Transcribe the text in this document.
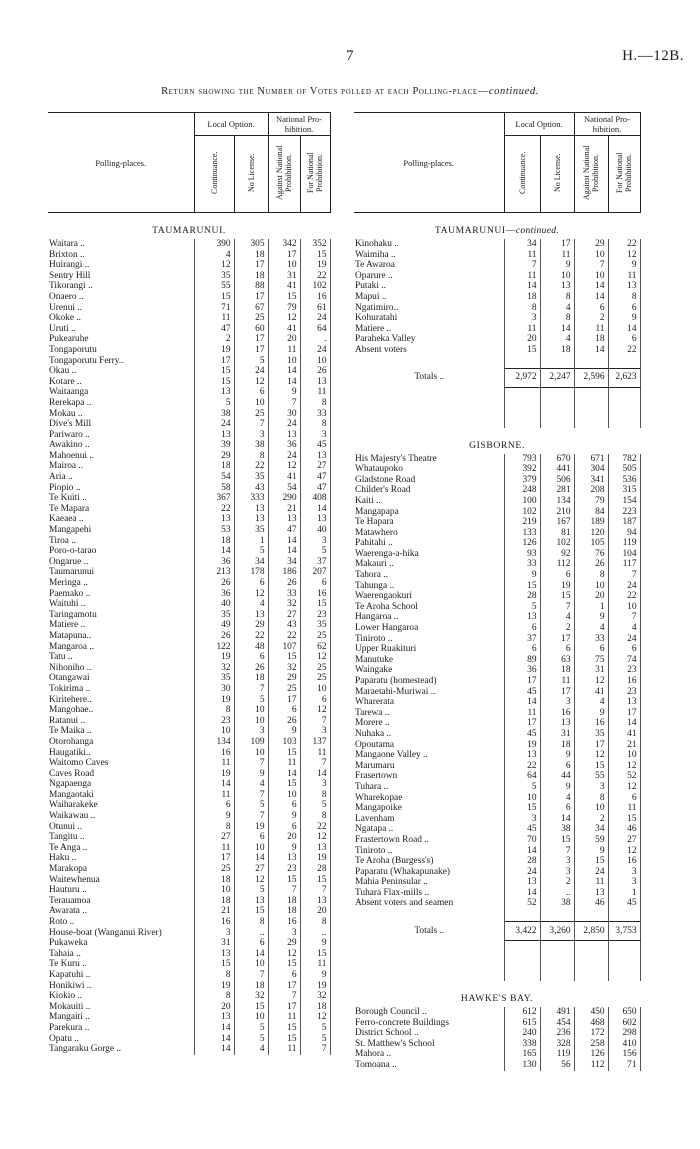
7	H.—12B.
Return showing the Number of Votes polled at each Polling-place—continued.
Polling-places.	Local Option.		National Pro-hibition.	
	Continuance.	No License.	Against National Prohibition.	For National Prohibition.
TAUMARUNUI.				
Waitara ..	390	305	342	352
Brixton ..	4	18	17	15
Huirangi ..	12	17	10	19
Sentry Hill	35	18	31	22
Tikorangi ..	55	88	41	102
Onaero ..	15	17	15	16
Urenui ..	71	67	79	61
Okoke ..	11	25	12	24
Uruti ..	47	60	41	64
Pukearuhe	2	17	20	.
Tongaporutu	19	17	11	24
Tongaporutu Ferry..	17	5	10	10
Okau ..	15	24	14	26
Kotare ..	15	12	14	13
Waitaanga	13	6	9	11
Rerekapa ..	5	10	7	8
Mokau ..	38	25	30	33
Dive's Mill	24	7	24	8
Pariwaro ..	13	3	13	3
Awakino ..	39	38	36	45
Mahoenui ..	29	8	24	13
Mairoa ..	18	22	12	27
Aria ..	54	35	41	47
Piopio ..	58	43	54	47
Te Kuiti ..	367	333	290	408
Te Mapara	22	13	21	14
Kaeaea ..	13	13	13	13
Mangapehi	53	35	47	40
Tiroa ..	18	1	14	3
Poro-o-tarao	14	5	14	5
Ongarue ..	36	34	34	37
Taumarunui	213	178	186	207
Meringa ..	26	6	26	6
Paemako ..	36	12	33	16
Waituhi ..	40	4	32	15
Taringamotu	35	13	27	23
Matiere ..	49	29	43	35
Matapuna..	26	22	22	25
Mangaroa ..	122	48	107	62
Tatu ..	19	6	15	12
Nihoniho ..	32	26	32	25
Otangawai	35	18	29	25
Tokirima ..	30	7	25	10
Kiritehere..	19	5	17	6
Mangohae..	8	10	6	12
Ratanui ..	23	10	26	7
Te Maika ..	10	3	9	3
Otorohanga	134	109	103	137
Haugatiki..	16	10	15	11
Waitomo Caves	11	7	11	7
Caves Road	19	9	14	14
Ngapaenga	14	4	15	3
Mangaotaki	11	7	10	8
Waiharakeke	6	5	6	5
Waikawau ..	9	7	9	8
Otunui ..	8	19	6	22
Tangitu ..	27	6	20	12
Te Anga ..	11	10	9	13
Haku ..	17	14	13	19
Marakopa	25	27	23	28
Waitewhenua	18	12	15	15
Hauturu ..	10	5	7	7
Terauamoa	18	13	18	13
Awarata ..	21	15	18	20
Roto ..	16	8	16	8
House-boat (Wanganui River)	3	..	3	..
Pukaweka	31	6	29	9
Tahaia ..	13	14	12	15
Te Kuru ..	15	10	15	11
Kapatuhi ..	8	7	6	9
Honikiwi ..	19	18	17	19
Kiokio ..	8	32	7	32
Mokauiti ..	20	15	17	18
Mangaiti ..	13	10	11	12
Parekura ..	14	5	15	5
Opatu ..	14	5	15	5
Tangaraku Gorge ..	14	4	11	7
Polling-places.	Local Option.		National Pro-hibition.	
	Continuance.	No License.	Against National Prohibition.	For National Prohibition.
TAUMARUNUI—continued.				
Kinohaku ..	34	17	29	22
Waimiha ..	11	11	10	12
Te Awaroa	7	9	7	9
Oparure ..	11	10	10	11
Putaki ..	14	13	14	13
Mapui ..	18	8	14	8
Ngatimiro..	8	4	6	6
Kohuratahi	3	8	2	9
Matiere ..	11	14	11	14
Paraheka Valley	20	4	18	6
Absent voters	15	18	14	22

Totals ..	2,972	2,247	2,596	2,623

GISBORNE.				
His Majesty's Theatre	793	670	671	782
Whataupoko	392	441	304	505
Gladstone Road	379	506	341	536
Childer's Road	248	281	208	315
Kaiti ..	100	134	79	154
Mangapapa	102	210	84	223
Te Hapara	219	167	189	187
Matawhero	133	81	120	94
Pahitahi ..	126	102	105	119
Waerenga-a-hika	93	92	76	104
Makauri ..	33	112	26	117
Tahora ..	9	6	8	7
Tahunga ..	15	19	10	24
Waerengaokuri	28	15	20	22
Te Aroha School	5	7	1	10
Hangaroa ..	13	4	9	7
Lower Hangaroa	6	2	4	4
Tiniroto ..	37	17	33	24
Upper Ruakituri	6	6	6	6
Manutuke	89	63	75	74
Waingake	36	18	31	23
Paparatu (homestead)	17	11	12	16
Maraetahi-Muriwai ..	45	17	41	23
Wharerata	14	3	4	13
Tarewa ..	11	16	9	17
Morere ..	17	13	16	14
Nuhaka ..	45	31	35	41
Opoutama	19	18	17	21
Mangaone Valley ..	13	9	12	10
Marumaru	22	6	15	12
Frasertown	64	44	55	52
Tuhara ..	5	9	3	12
Wharekopae	10	4	8	6
Mangapoike	15	6	10	11
Lavenham	3	14	2	15
Ngatapa ..	45	38	34	46
Frastertown Road ..	70	15	59	27
Tiniroto ..	14	7	9	12
Te Aroha (Burgess's)	28	3	15	16
Paparatu (Whakapunake)	24	3	24	3
Mahia Peninsular ..	13	2	11	3
Tuhara Flax-mills ..	14	..	13	1
Absent voters and seamen	52	38	46	45

Totals ..	3,422	3,260	2,850	3,753

HAWKE'S BAY.				
Borough Council ..	612	491	450	650
Ferro-concrete Buildings	615	454	468	602
District School ..	240	236	172	298
St. Matthew's School	338	328	258	410
Mahora ..	165	119	126	156
Tomoana ..	130	56	112	71
